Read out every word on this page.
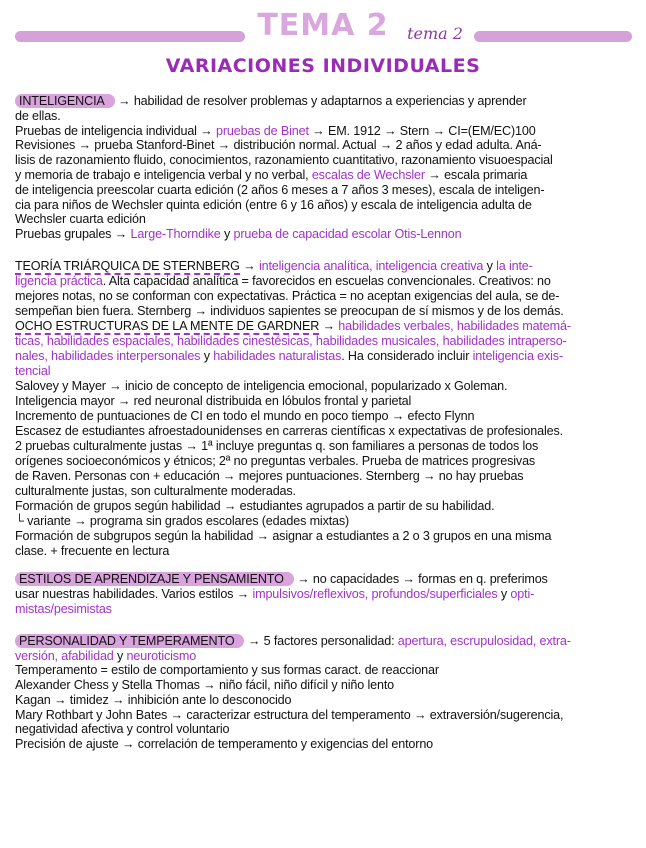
TEMA 2	tema 2
VARIACIONES INDIVIDUALES
INTELIGENCIA → habilidad de resolver problemas y adaptarnos a experiencias y aprender
de ellas.
Pruebas de inteligencia individual → pruebas de Binet → EM. 1912 → Stern → CI=(EM/EC)100
Revisiones → prueba Stanford-Binet → distribución normal. Actual → 2 años y edad adulta. Aná-
lisis de razonamiento fluido, conocimientos, razonamiento cuantitativo, razonamiento visuoespacial
y memoria de trabajo e inteligencia verbal y no verbal, escalas de Wechsler → escala primaria
de inteligencia preescolar cuarta edición (2 años 6 meses a 7 años 3 meses), escala de inteligen-
cia para niños de Wechsler quinta edición (entre 6 y 16 años) y escala de inteligencia adulta de
Wechsler cuarta edición
Pruebas grupales → Large-Thorndike y prueba de capacidad escolar Otis-Lennon
TEORÍA TRIÁRQUICA DE STERNBERG → inteligencia analítica, inteligencia creativa y la inte-
ligencia práctica. Alta capacidad analítica = favorecidos en escuelas convencionales. Creativos: no
mejores notas, no se conforman con expectativas. Práctica = no aceptan exigencias del aula, se de-
sempeñan bien fuera. Sternberg → individuos sapientes se preocupan de sí mismos y de los demás.
OCHO ESTRUCTURAS DE LA MENTE DE GARDNER → habilidades verbales, habilidades matemá-
ticas, habilidades espaciales, habilidades cinestésicas, habilidades musicales, habilidades intraperso-
nales, habilidades interpersonales y habilidades naturalistas. Ha considerado incluir inteligencia exis-
tencial
Salovey y Mayer → inicio de concepto de inteligencia emocional, popularizado x Goleman.
Inteligencia mayor → red neuronal distribuida en lóbulos frontal y parietal
Incremento de puntuaciones de CI en todo el mundo en poco tiempo → efecto Flynn
Escasez de estudiantes afroestadounidenses en carreras científicas x expectativas de profesionales.
2 pruebas culturalmente justas → 1ª incluye preguntas q. son familiares a personas de todos los
orígenes socioeconómicos y étnicos; 2ª no preguntas verbales. Prueba de matrices progresivas
de Raven. Personas con + educación → mejores puntuaciones. Sternberg → no hay pruebas
culturalmente justas, son culturalmente moderadas.
Formación de grupos según habilidad → estudiantes agrupados a partir de su habilidad.
└ variante → programa sin grados escolares (edades mixtas)
Formación de subgrupos según la habilidad → asignar a estudiantes a 2 o 3 grupos en una misma
clase. + frecuente en lectura
ESTILOS DE APRENDIZAJE Y PENSAMIENTO → no capacidades → formas en q. preferimos
usar nuestras habilidades. Varios estilos → impulsivos/reflexivos, profundos/superficiales y opti-
mistas/pesimistas
PERSONALIDAD Y TEMPERAMENTO → 5 factores personalidad: apertura, escrupulosidad, extra-
versión, afabilidad y neuroticismo
Temperamento = estilo de comportamiento y sus formas caract. de reaccionar
Alexander Chess y Stella Thomas → niño fácil, niño difícil y niño lento
Kagan → timidez → inhibición ante lo desconocido
Mary Rothbart y John Bates → caracterizar estructura del temperamento → extraversión/sugerencia,
negatividad afectiva y control voluntario
Precisión de ajuste → correlación de temperamento y exigencias del entorno
